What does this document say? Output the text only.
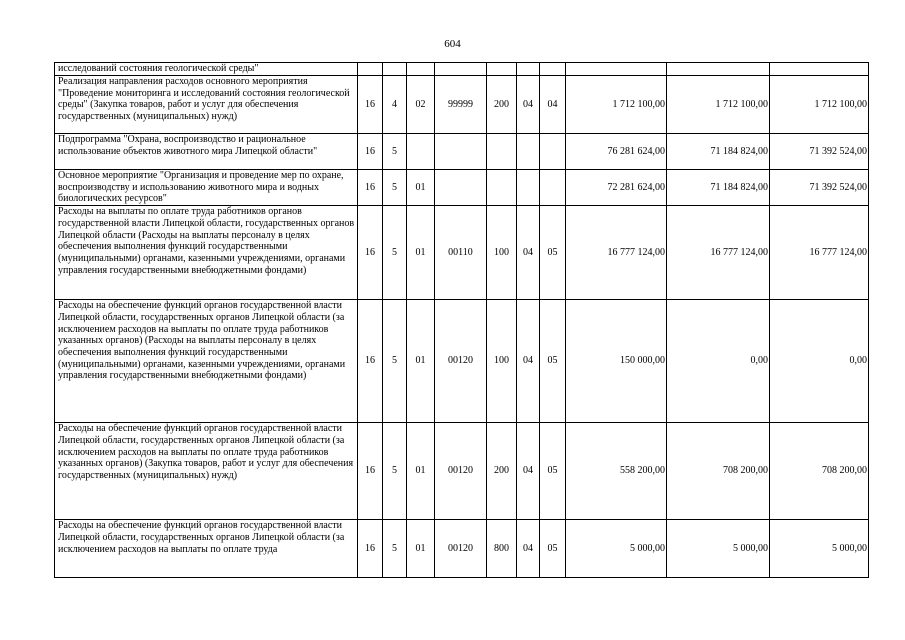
604
исследований состояния геологической среды"										
Реализация направления расходов основного мероприятия "Проведение мониторинга и исследований состояния геологической среды" (Закупка товаров, работ и услуг для обеспечения государственных (муниципальных) нужд)	16	4	02	99999	200	04	04	1 712 100,00	1 712 100,00	1 712 100,00
Подпрограмма "Охрана, воспроизводство и рациональное использование объектов животного мира Липецкой области"	16	5						76 281 624,00	71 184 824,00	71 392 524,00
Основное мероприятие "Организация и проведение мер по охране, воспроизводству и использованию животного мира и водных биологических ресурсов"	16	5	01					72 281 624,00	71 184 824,00	71 392 524,00
Расходы на выплаты по оплате труда работников органов государственной власти Липецкой области, государственных органов Липецкой области (Расходы на выплаты персоналу в целях обеспечения выполнения функций государственными (муниципальными) органами, казенными учреждениями, органами управления государственными внебюджетными фондами)	16	5	01	00110	100	04	05	16 777 124,00	16 777 124,00	16 777 124,00
Расходы на обеспечение функций органов государственной власти Липецкой области, государственных органов Липецкой области (за исключением расходов на выплаты по оплате труда работников указанных органов) (Расходы на выплаты персоналу в целях обеспечения выполнения функций государственными (муниципальными) органами, казенными учреждениями, органами управления государственными внебюджетными фондами)	16	5	01	00120	100	04	05	150 000,00	0,00	0,00
Расходы на обеспечение функций органов государственной власти Липецкой области, государственных органов Липецкой области (за исключением расходов на выплаты по оплате труда работников указанных органов) (Закупка товаров, работ и услуг для обеспечения государственных (муниципальных) нужд)	16	5	01	00120	200	04	05	558 200,00	708 200,00	708 200,00
Расходы на обеспечение функций органов государственной власти Липецкой области, государственных органов Липецкой области (за исключением расходов на выплаты по оплате труда	16	5	01	00120	800	04	05	5 000,00	5 000,00	5 000,00
